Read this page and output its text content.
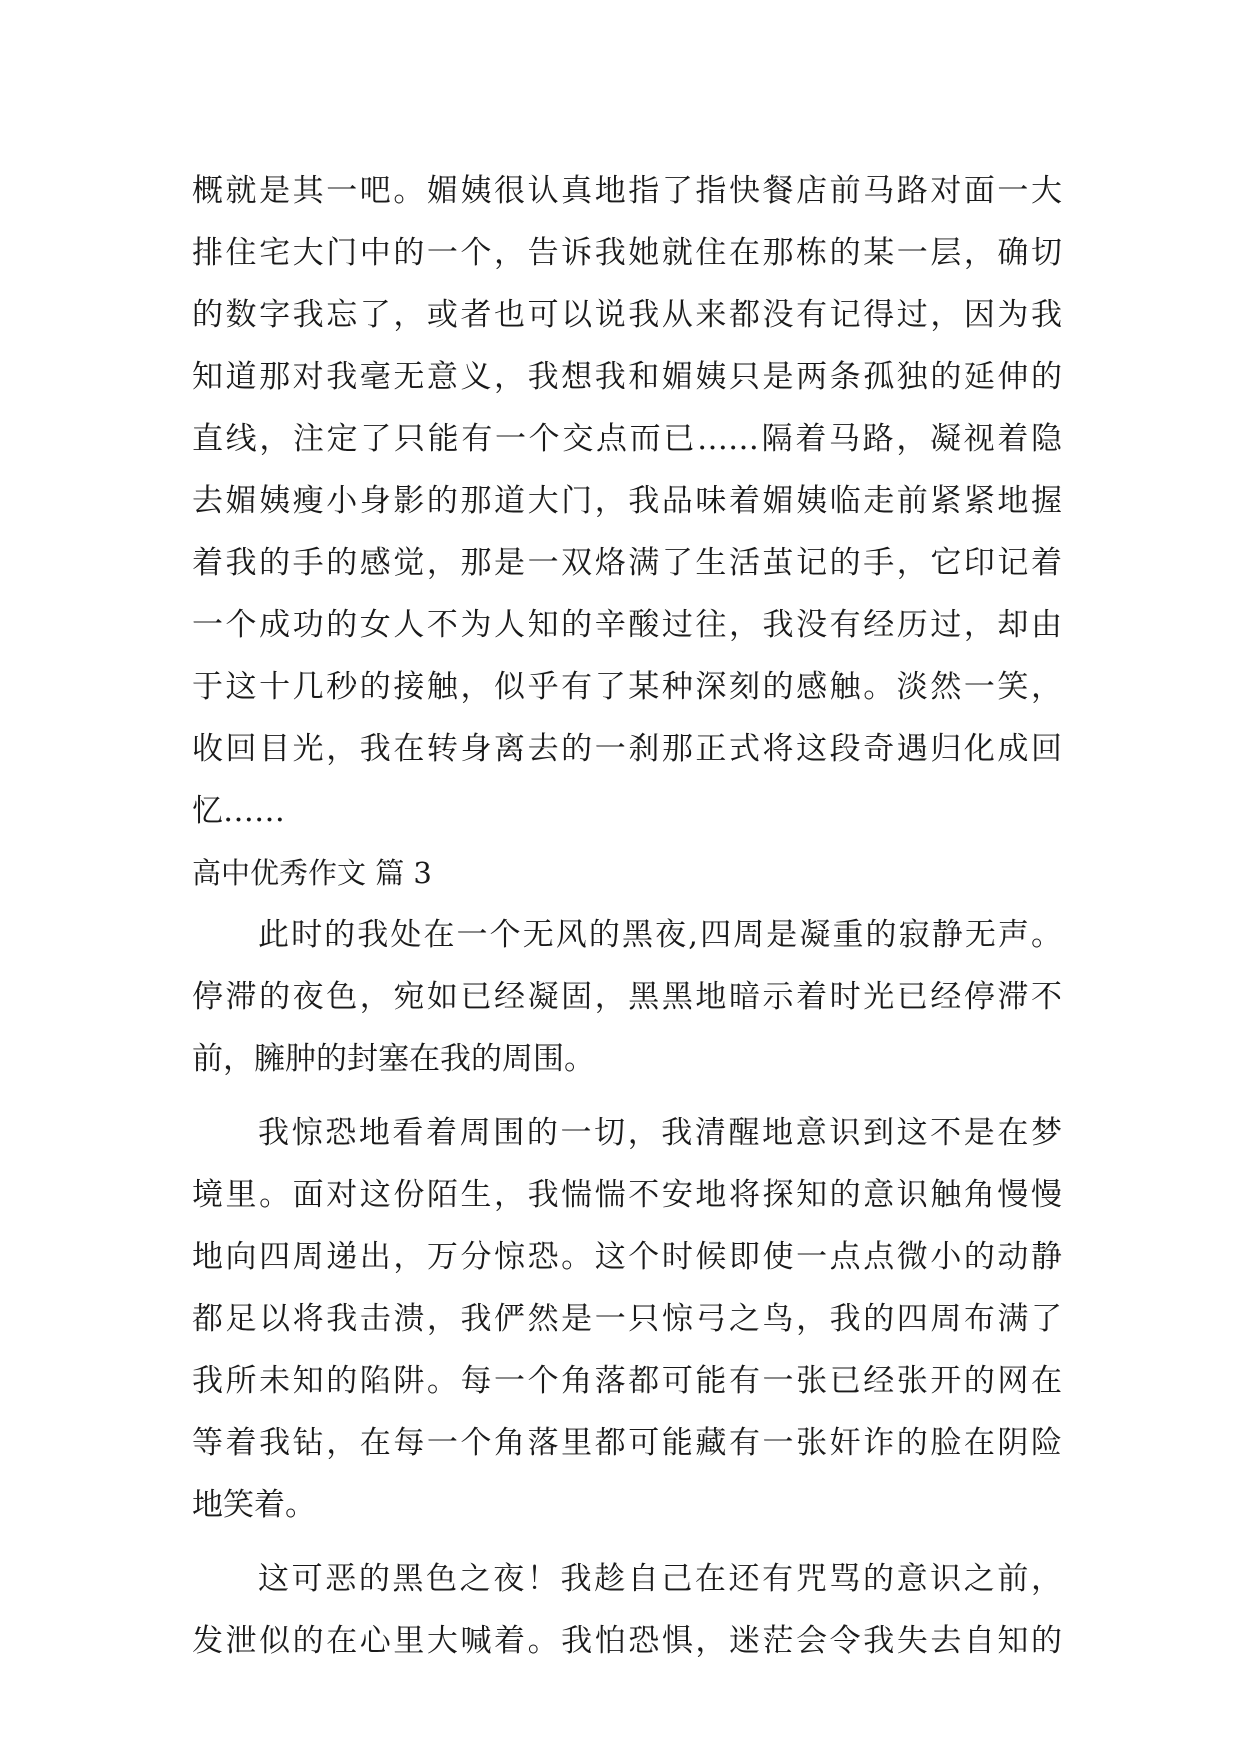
概就是其一吧。媚姨很认真地指了指快餐店前马路对面一大
排住宅大门中的一个，告诉我她就住在那栋的某一层，确切
的数字我忘了，或者也可以说我从来都没有记得过，因为我
知道那对我毫无意义，我想我和媚姨只是两条孤独的延伸的
直线，注定了只能有一个交点而已……隔着马路，凝视着隐
去媚姨瘦小身影的那道大门，我品味着媚姨临走前紧紧地握
着我的手的感觉，那是一双烙满了生活茧记的手，它印记着
一个成功的女人不为人知的辛酸过往，我没有经历过，却由
于这十几秒的接触，似乎有了某种深刻的感触。淡然一笑，
收回目光，我在转身离去的一刹那正式将这段奇遇归化成回
忆……
高中优秀作文 篇 3
此时的我处在一个无风的黑夜,四周是凝重的寂静无声。
停滞的夜色，宛如已经凝固，黑黑地暗示着时光已经停滞不
前，臃肿的封塞在我的周围。
我惊恐地看着周围的一切，我清醒地意识到这不是在梦
境里。面对这份陌生，我惴惴不安地将探知的意识触角慢慢
地向四周递出，万分惊恐。这个时候即使一点点微小的动静
都足以将我击溃，我俨然是一只惊弓之鸟，我的四周布满了
我所未知的陷阱。每一个角落都可能有一张已经张开的网在
等着我钻，在每一个角落里都可能藏有一张奸诈的脸在阴险
地笑着。
这可恶的黑色之夜！我趁自己在还有咒骂的意识之前，
发泄似的在心里大喊着。我怕恐惧，迷茫会令我失去自知的
